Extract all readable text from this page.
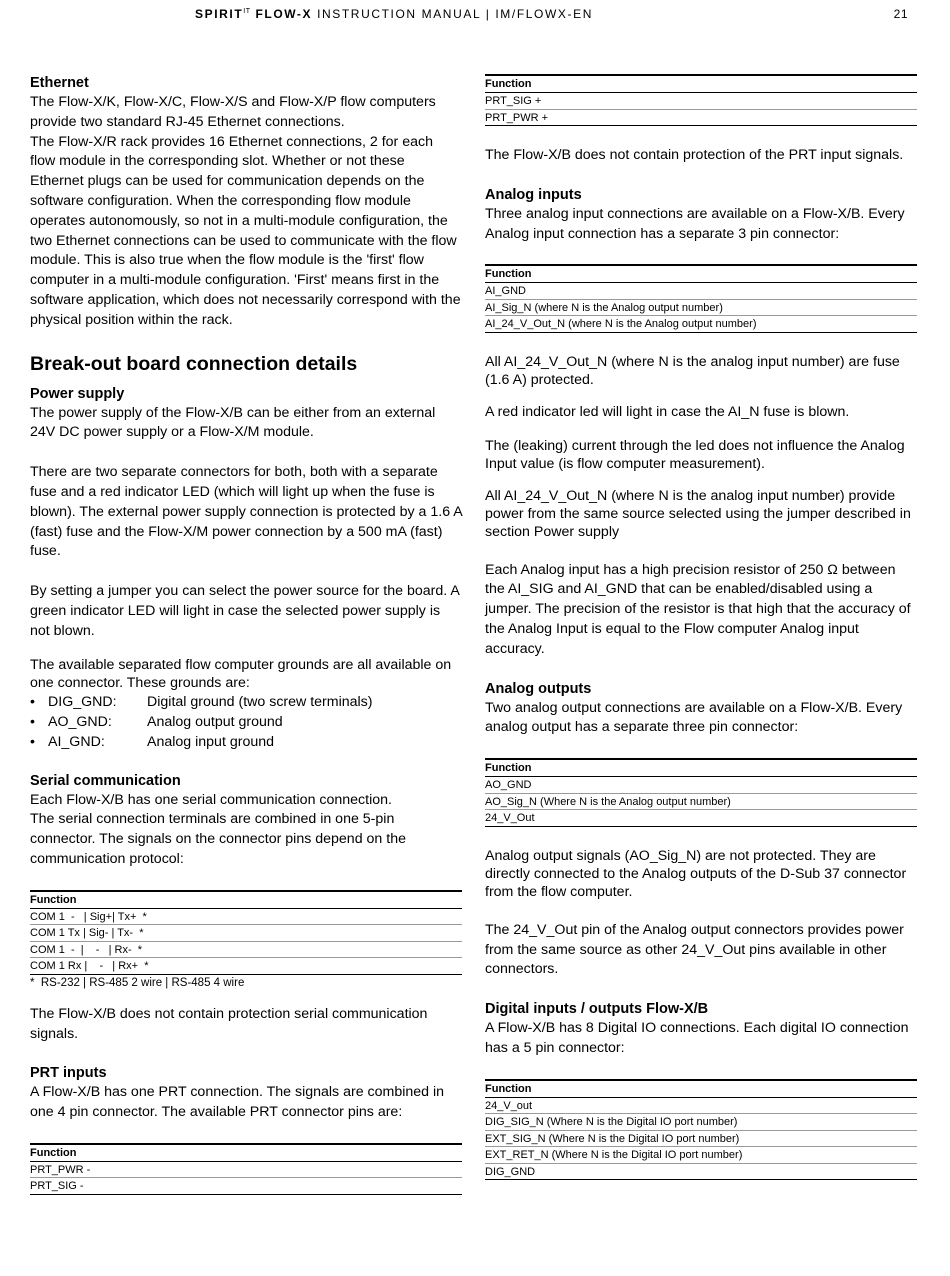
$SPIRIT^{IT}$ FLOW-X INSTRUCTION MANUAL | IM/FLOWX-EN	21
Ethernet

The Flow-X/K, Flow-X/C, Flow-X/S and Flow-X/P flow computers provide two standard RJ-45 Ethernet connections.

The Flow-X/R rack provides 16 Ethernet connections, 2 for each flow module in the corresponding slot. Whether or not these Ethernet plugs can be used for communication depends on the software configuration. When the corresponding flow module operates autonomously, so not in a multi-module configuration, the two Ethernet connections can be used to communicate with the flow module. This is also true when the flow module is the 'first' flow computer in a multi-module configuration. 'First' means first in the software application, which does not necessarily correspond with the physical position within the rack.

Break-out board connection details
Power supply

The power supply of the Flow-X/B can be either from an external 24V DC power supply or a Flow-X/M module.

There are two separate connectors for both, both with a separate fuse and a red indicator LED (which will light up when the fuse is blown). The external power supply connection is protected by a 1.6 A (fast) fuse and the Flow-X/M power connection by a 500 mA (fast) fuse.

By setting a jumper you can select the power source for the board. A green indicator LED will light in case the selected power supply is not blown.

The available separated flow computer grounds are all available on one connector. These grounds are:

• DIG_GND: Digital ground (two screw terminals)
• AO_GND: Analog output ground
• AI_GND:	Analog input ground
Serial communication

Each Flow-X/B has one serial communication connection.

The serial connection terminals are combined in one 5-pin connector. The signals on the connector pins depend on the communication protocol:

Function
COM 1  -   | Sig+| Tx+  *
COM 1 Tx | Sig- | Tx-  *
COM 1  -  |    -   | Rx-  *
COM 1 Rx |    -   | Rx+  *
*  RS-232 | RS-485 2 wire | RS-485 4 wire

The Flow-X/B does not contain protection serial communication signals.

PRT inputs

A Flow-X/B has one PRT connection. The signals are combined in one 4 pin connector. The available PRT connector pins are:

Function
PRT_PWR -
PRT_SIG -
Function
PRT_SIG +
PRT_PWR +

The Flow-X/B does not contain protection of the PRT input signals.

Analog inputs

Three analog input connections are available on a Flow-X/B. Every Analog input connection has a separate 3 pin connector:

Function
AI_GND
AI_Sig_N (where N is the Analog output number)
AI_24_V_Out_N (where N is the Analog output number)

All AI_24_V_Out_N (where N is the analog input number) are fuse (1.6 A) protected.

A red indicator led will light in case the AI_N fuse is blown.

The (leaking) current through the led does not influence the Analog Input value (is flow computer measurement).

All AI_24_V_Out_N (where N is the analog input number) provide power from the same source selected using the jumper described in section Power supply

Each Analog input has a high precision resistor of 250 Ω between the AI_SIG and AI_GND that can be enabled/disabled using a jumper. The precision of the resistor is that high that the accuracy of the Analog Input is equal to the Flow computer Analog input accuracy.

Analog outputs

Two analog output connections are available on a Flow-X/B. Every analog output has a separate three pin connector:

Function
AO_GND
AO_Sig_N (Where N is the Analog output number)
24_V_Out

Analog output signals (AO_Sig_N) are not protected. They are directly connected to the Analog outputs of the D-Sub 37 connector from the flow computer.

The 24_V_Out pin of the Analog output connectors provides power from the same source as other 24_V_Out pins available in other connectors.

Digital inputs / outputs Flow-X/B

A Flow-X/B has 8 Digital IO connections. Each digital IO connection has a 5 pin connector:

Function
24_V_out
DIG_SIG_N (Where N is the Digital IO port number)
EXT_SIG_N (Where N is the Digital IO port number)
EXT_RET_N (Where N is the Digital IO port number)
DIG_GND
